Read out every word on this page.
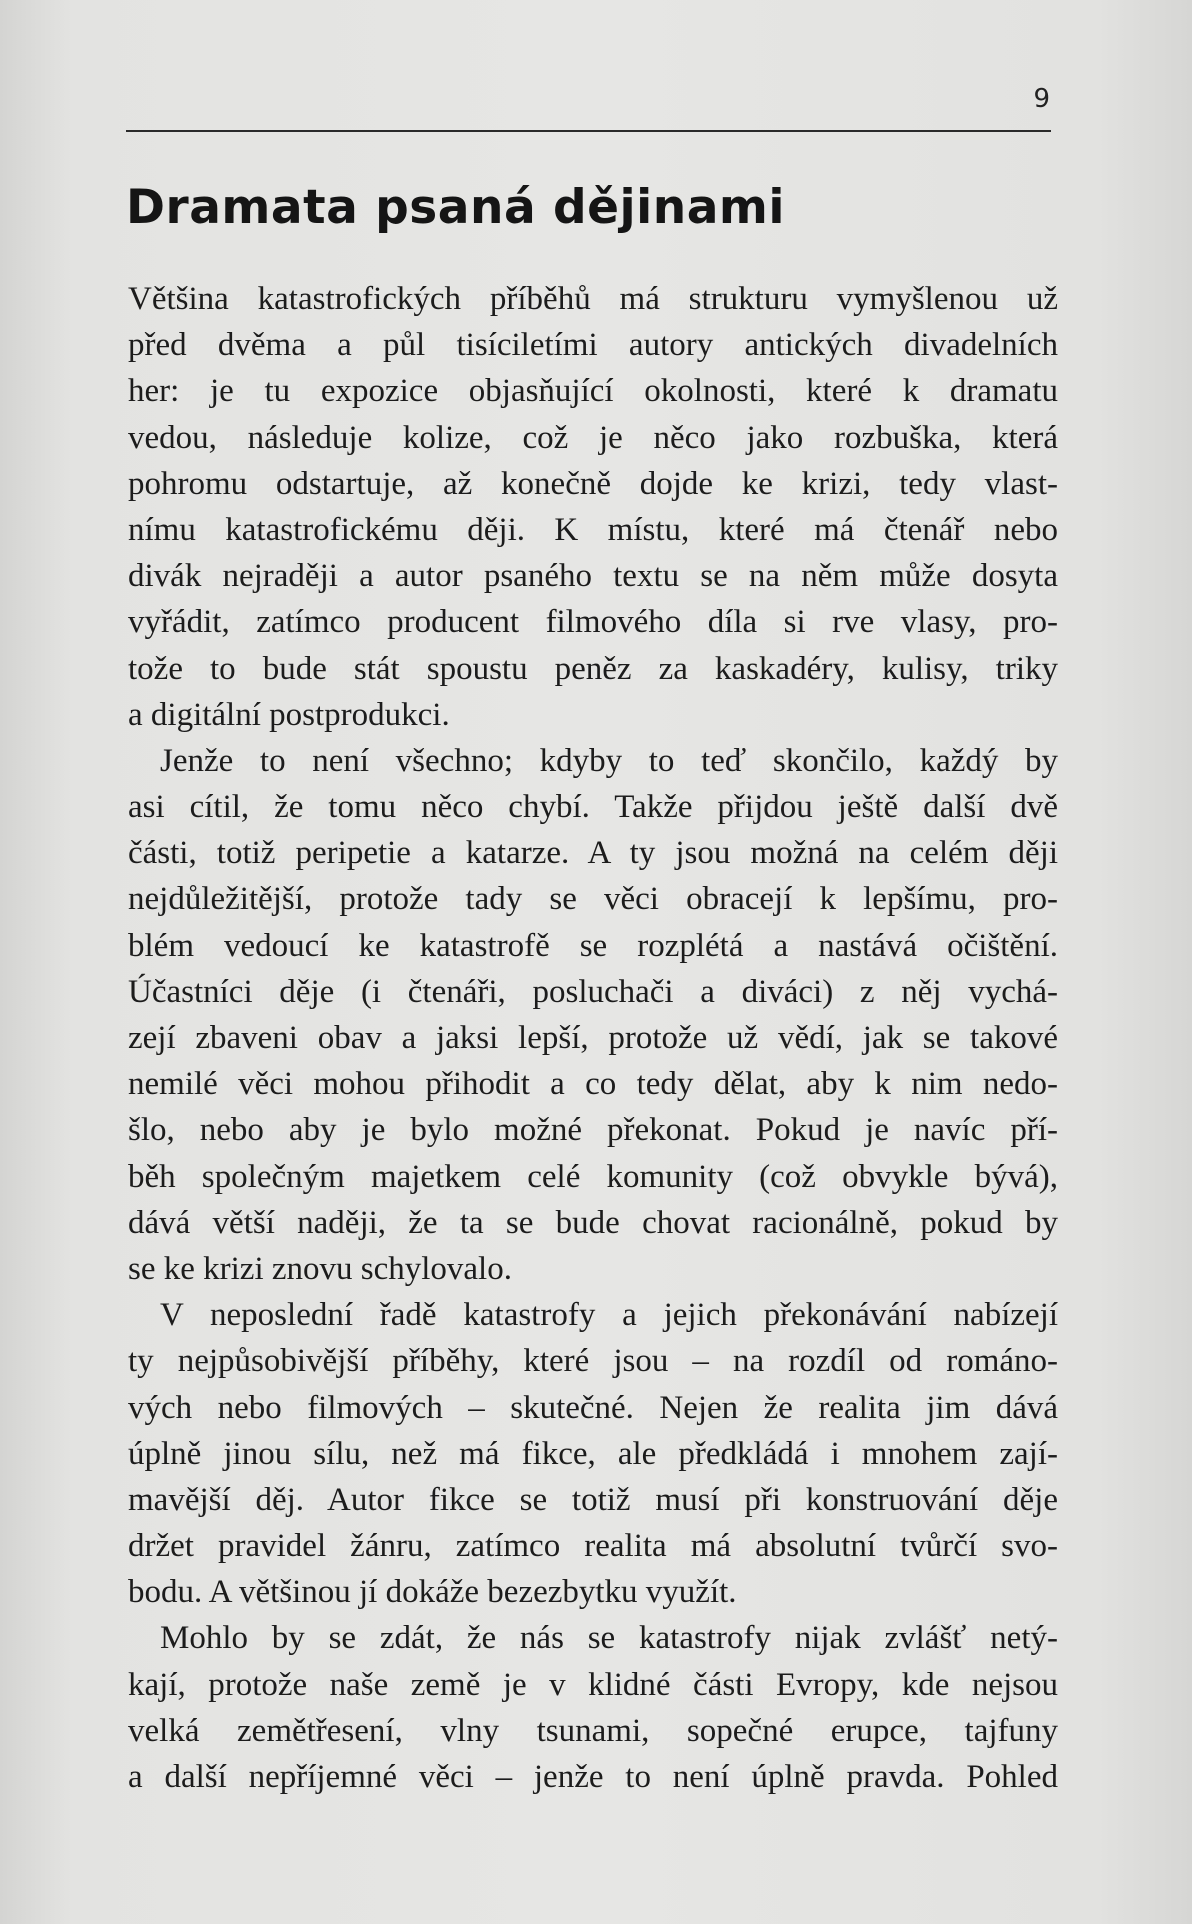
9
Dramata psaná dějinami
Většina katastrofických příběhů má strukturu vymyšlenou už
před dvěma a půl tisíciletími autory antických divadelních
her: je tu expozice objasňující okolnosti, které k dramatu
vedou, následuje kolize, což je něco jako rozbuška, která
pohromu odstartuje, až konečně dojde ke krizi, tedy vlast-
nímu katastrofickému ději. K místu, které má čtenář nebo
divák nejraději a autor psaného textu se na něm může dosyta
vyřádit, zatímco producent filmového díla si rve vlasy, pro-
tože to bude stát spoustu peněz za kaskadéry, kulisy, triky
a digitální postprodukci.
Jenže to není všechno; kdyby to teď skončilo, každý by
asi cítil, že tomu něco chybí. Takže přijdou ještě další dvě
části, totiž peripetie a katarze. A ty jsou možná na celém ději
nejdůležitější, protože tady se věci obracejí k lepšímu, pro-
blém vedoucí ke katastrofě se rozplétá a nastává očištění.
Účastníci děje (i čtenáři, posluchači a diváci) z něj vychá-
zejí zbaveni obav a jaksi lepší, protože už vědí, jak se takové
nemilé věci mohou přihodit a co tedy dělat, aby k nim nedo-
šlo, nebo aby je bylo možné překonat. Pokud je navíc pří-
běh společným majetkem celé komunity (což obvykle bývá),
dává větší naději, že ta se bude chovat racionálně, pokud by
se ke krizi znovu schylovalo.
V neposlední řadě katastrofy a jejich překonávání nabízejí
ty nejpůsobivější příběhy, které jsou – na rozdíl od románo-
vých nebo filmových – skutečné. Nejen že realita jim dává
úplně jinou sílu, než má fikce, ale předkládá i mnohem zají-
mavější děj. Autor fikce se totiž musí při konstruování děje
držet pravidel žánru, zatímco realita má absolutní tvůrčí svo-
bodu. A většinou jí dokáže bezezbytku využít.
Mohlo by se zdát, že nás se katastrofy nijak zvlášť netý-
kají, protože naše země je v klidné části Evropy, kde nejsou
velká zemětřesení, vlny tsunami, sopečné erupce, tajfuny
a další nepříjemné věci – jenže to není úplně pravda. Pohled
